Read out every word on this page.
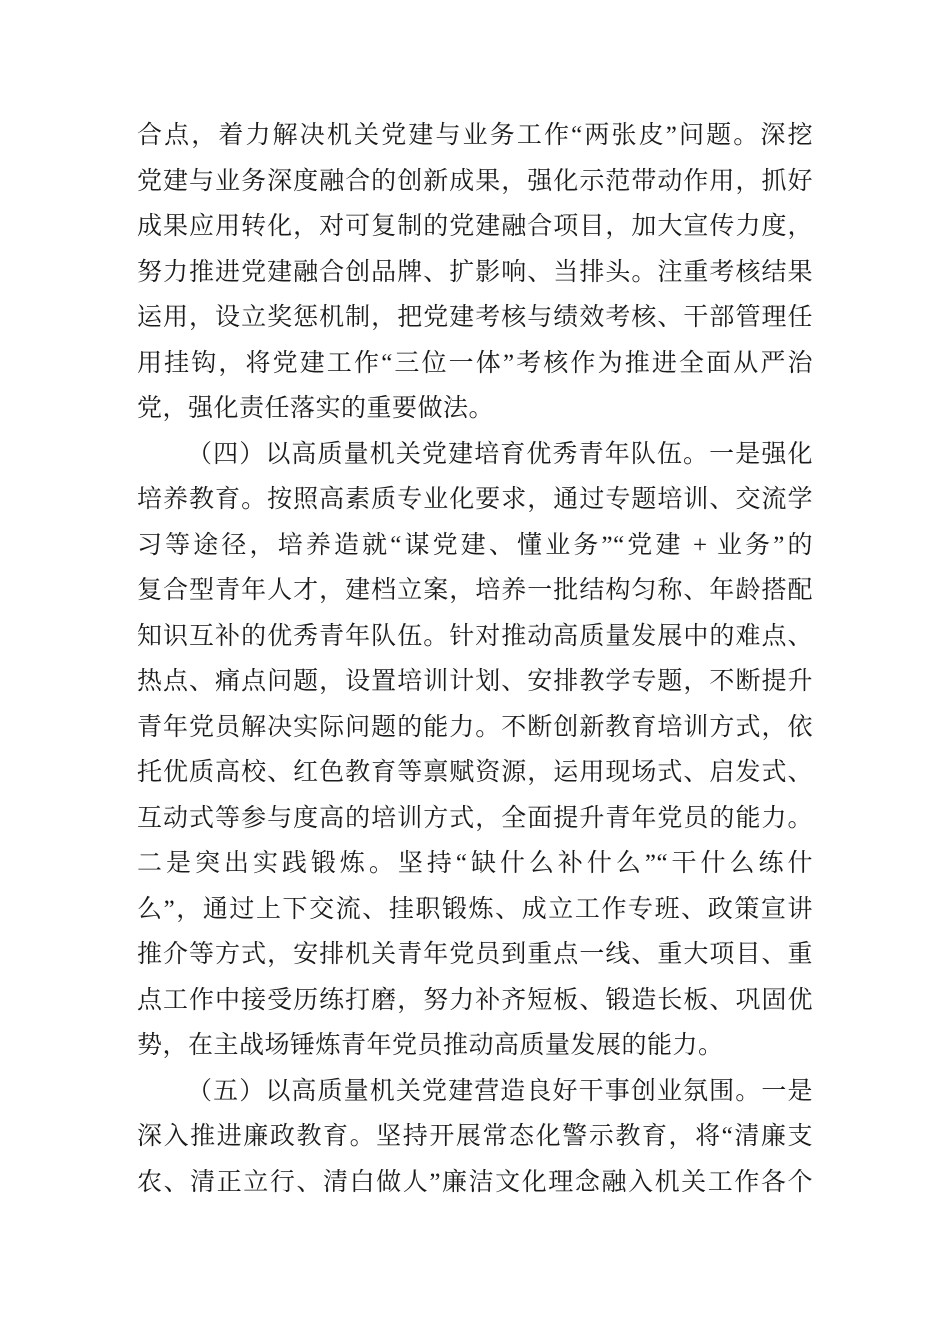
合点，着力解决机关党建与业务工作“两张皮”问题。深挖
党建与业务深度融合的创新成果，强化示范带动作用，抓好
成果应用转化，对可复制的党建融合项目，加大宣传力度，
努力推进党建融合创品牌、扩影响、当排头。注重考核结果
运用，设立奖惩机制，把党建考核与绩效考核、干部管理任
用挂钩，将党建工作“三位一体”考核作为推进全面从严治
党，强化责任落实的重要做法。
（四）以高质量机关党建培育优秀青年队伍。一是强化
培养教育。按照高素质专业化要求，通过专题培训、交流学
习等途径，培养造就“谋党建、懂业务”“党建 + 业务”的
复合型青年人才，建档立案，培养一批结构匀称、年龄搭配
知识互补的优秀青年队伍。针对推动高质量发展中的难点、
热点、痛点问题，设置培训计划、安排教学专题，不断提升
青年党员解决实际问题的能力。不断创新教育培训方式，依
托优质高校、红色教育等禀赋资源，运用现场式、启发式、
互动式等参与度高的培训方式，全面提升青年党员的能力。
二是突出实践锻炼。坚持“缺什么补什么”“干什么练什
么”，通过上下交流、挂职锻炼、成立工作专班、政策宣讲
推介等方式，安排机关青年党员到重点一线、重大项目、重
点工作中接受历练打磨，努力补齐短板、锻造长板、巩固优
势，在主战场锤炼青年党员推动高质量发展的能力。
（五）以高质量机关党建营造良好干事创业氛围。一是
深入推进廉政教育。坚持开展常态化警示教育，将“清廉支
农、清正立行、清白做人”廉洁文化理念融入机关工作各个
